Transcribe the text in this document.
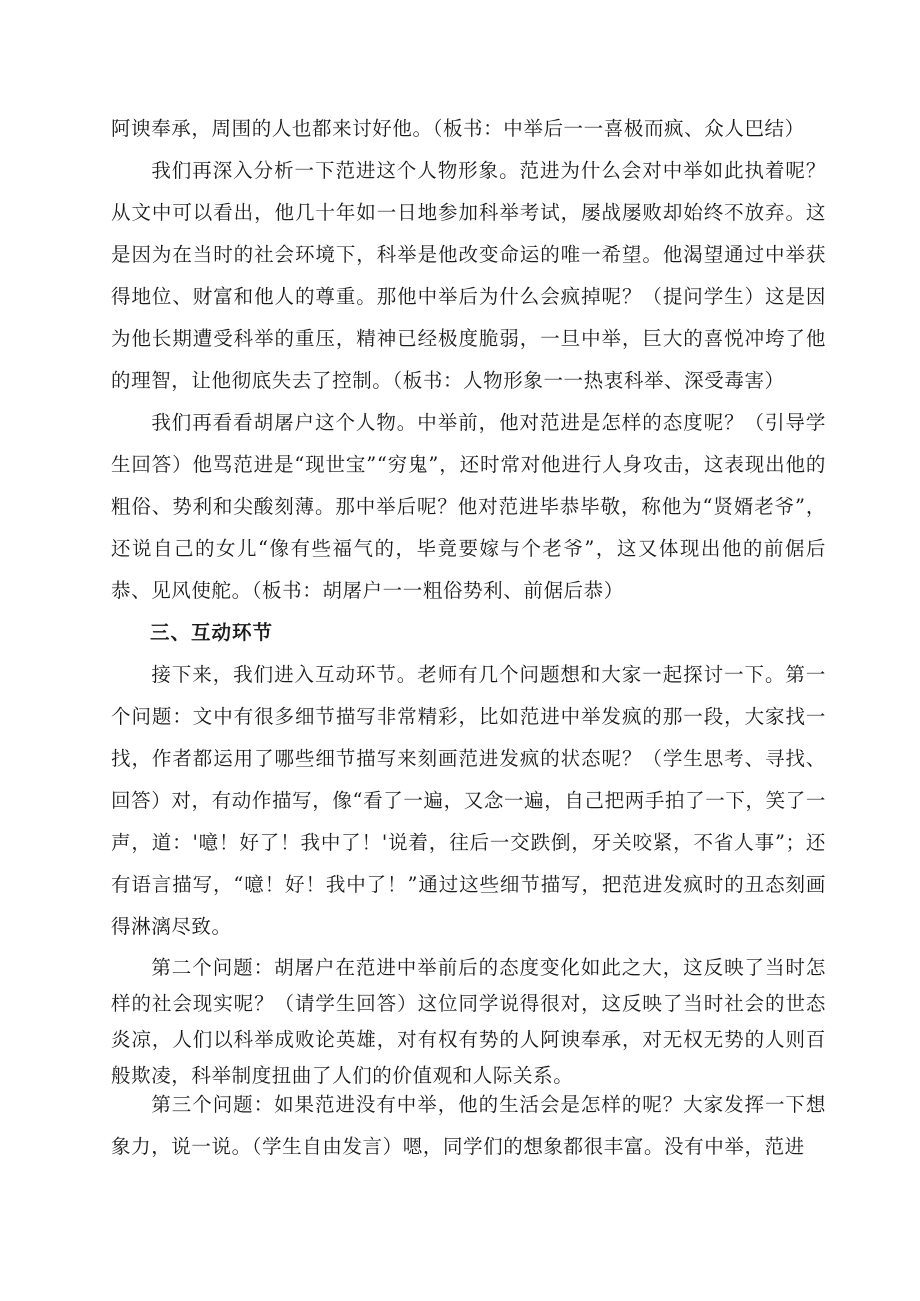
阿谀奉承，周围的人也都来讨好他。（板书：中举后一一喜极而疯、众人巴结）

我们再深入分析一下范进这个人物形象。范进为什么会对中举如此执着呢？从文中可以看出，他几十年如一日地参加科举考试，屡战屡败却始终不放弃。这是因为在当时的社会环境下，科举是他改变命运的唯一希望。他渴望通过中举获得地位、财富和他人的尊重。那他中举后为什么会疯掉呢？（提问学生）这是因为他长期遭受科举的重压，精神已经极度脆弱，一旦中举，巨大的喜悦冲垮了他的理智，让他彻底失去了控制。（板书：人物形象一一热衷科举、深受毒害）

我们再看看胡屠户这个人物。中举前，他对范进是怎样的态度呢？（引导学生回答）他骂范进是“现世宝”“穷鬼”，还时常对他进行人身攻击，这表现出他的粗俗、势利和尖酸刻薄。那中举后呢？他对范进毕恭毕敬，称他为“贤婿老爷”，还说自己的女儿“像有些福气的，毕竟要嫁与个老爷”，这又体现出他的前倨后恭、见风使舵。（板书：胡屠户一一粗俗势利、前倨后恭）

三、互动环节

接下来，我们进入互动环节。老师有几个问题想和大家一起探讨一下。第一个问题：文中有很多细节描写非常精彩，比如范进中举发疯的那一段，大家找一找，作者都运用了哪些细节描写来刻画范进发疯的状态呢？（学生思考、寻找、回答）对，有动作描写，像“看了一遍，又念一遍，自己把两手拍了一下，笑了一声，道：'噫！好了！我中了！'说着，往后一交跌倒，牙关咬紧，不省人事”；还有语言描写，“噫！好！我中了！”通过这些细节描写，把范进发疯时的丑态刻画得淋漓尽致。

第二个问题：胡屠户在范进中举前后的态度变化如此之大，这反映了当时怎样的社会现实呢？（请学生回答）这位同学说得很对，这反映了当时社会的世态炎凉，人们以科举成败论英雄，对有权有势的人阿谀奉承，对无权无势的人则百般欺凌，科举制度扭曲了人们的价值观和人际关系。

第三个问题：如果范进没有中举，他的生活会是怎样的呢？大家发挥一下想象力，说一说。（学生自由发言）嗯，同学们的想象都很丰富。没有中举，范进
